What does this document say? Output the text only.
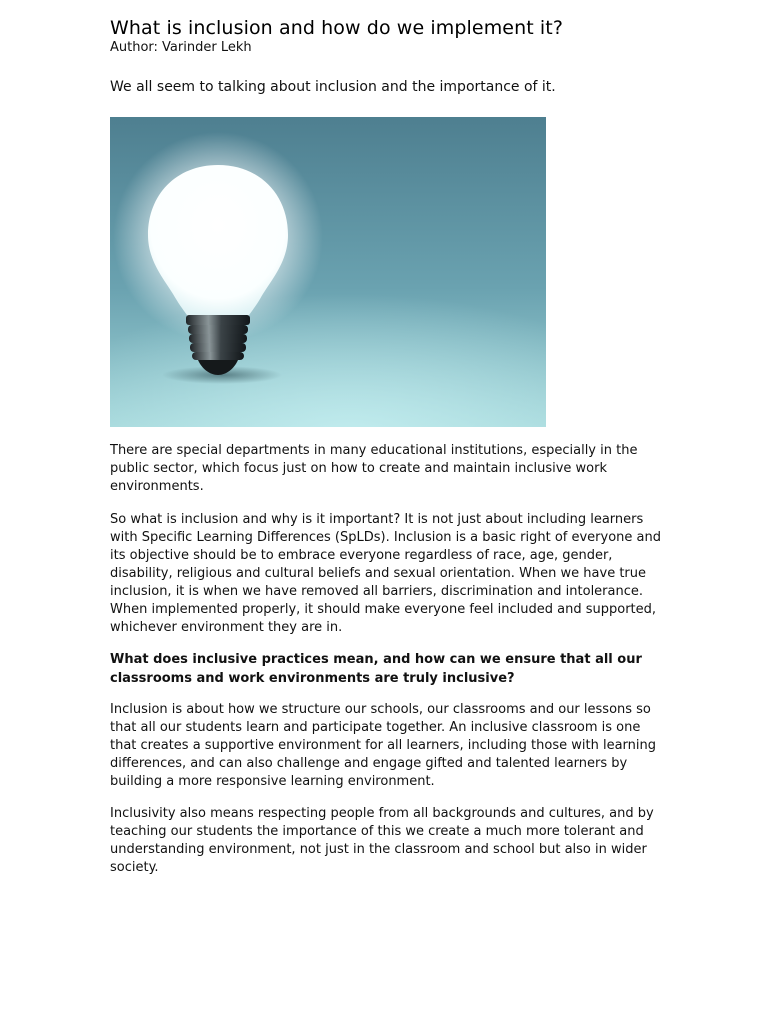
What is inclusion and how do we implement it?

Author: Varinder Lekh

We all seem to talking about inclusion and the importance of it.

There are special departments in many educational institutions, especially in the public sector, which focus just on how to create and maintain inclusive work environments.

So what is inclusion and why is it important? It is not just about including learners with Specific Learning Differences (SpLDs). Inclusion is a basic right of everyone and its objective should be to embrace everyone regardless of race, age, gender, disability, religious and cultural beliefs and sexual orientation. When we have true inclusion, it is when we have removed all barriers, discrimination and intolerance. When implemented properly, it should make everyone feel included and supported, whichever environment they are in.

What does inclusive practices mean, and how can we ensure that all our classrooms and work environments are truly inclusive?

Inclusion is about how we structure our schools, our classrooms and our lessons so that all our students learn and participate together. An inclusive classroom is one that creates a supportive environment for all learners, including those with learning differences, and can also challenge and engage gifted and talented learners by building a more responsive learning environment.

Inclusivity also means respecting people from all backgrounds and cultures, and by teaching our students the importance of this we create a much more tolerant and understanding environment, not just in the classroom and school but also in wider society.
